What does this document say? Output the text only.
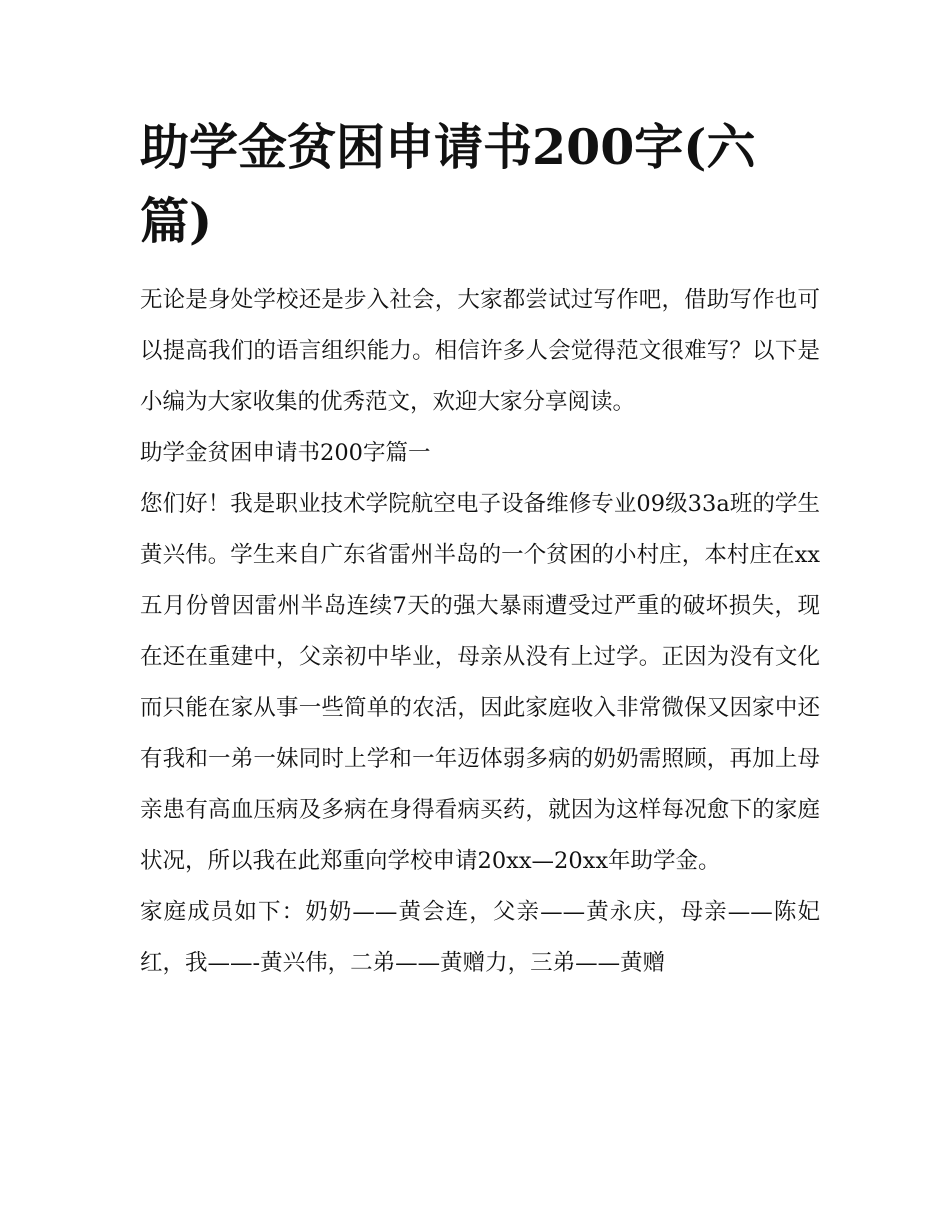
助学金贫困申请书200字(六篇)

无论是身处学校还是步入社会，大家都尝试过写作吧，借助写作也可以提高我们的语言组织能力。相信许多人会觉得范文很难写？以下是小编为大家收集的优秀范文，欢迎大家分享阅读。

助学金贫困申请书200字篇一

您们好！我是职业技术学院航空电子设备维修专业09级33a班的学生黄兴伟。学生来自广东省雷州半岛的一个贫困的小村庄，本村庄在xx五月份曾因雷州半岛连续7天的强大暴雨遭受过严重的破坏损失，现在还在重建中，父亲初中毕业，母亲从没有上过学。正因为没有文化而只能在家从事一些简单的农活，因此家庭收入非常微保又因家中还有我和一弟一妹同时上学和一年迈体弱多病的奶奶需照顾，再加上母亲患有高血压病及多病在身得看病买药，就因为这样每况愈下的家庭状况，所以我在此郑重向学校申请20xx—20xx年助学金。

家庭成员如下：奶奶——黄会连，父亲——黄永庆，母亲——陈妃红，我——-黄兴伟，二弟——黄赠力，三弟——黄赠
